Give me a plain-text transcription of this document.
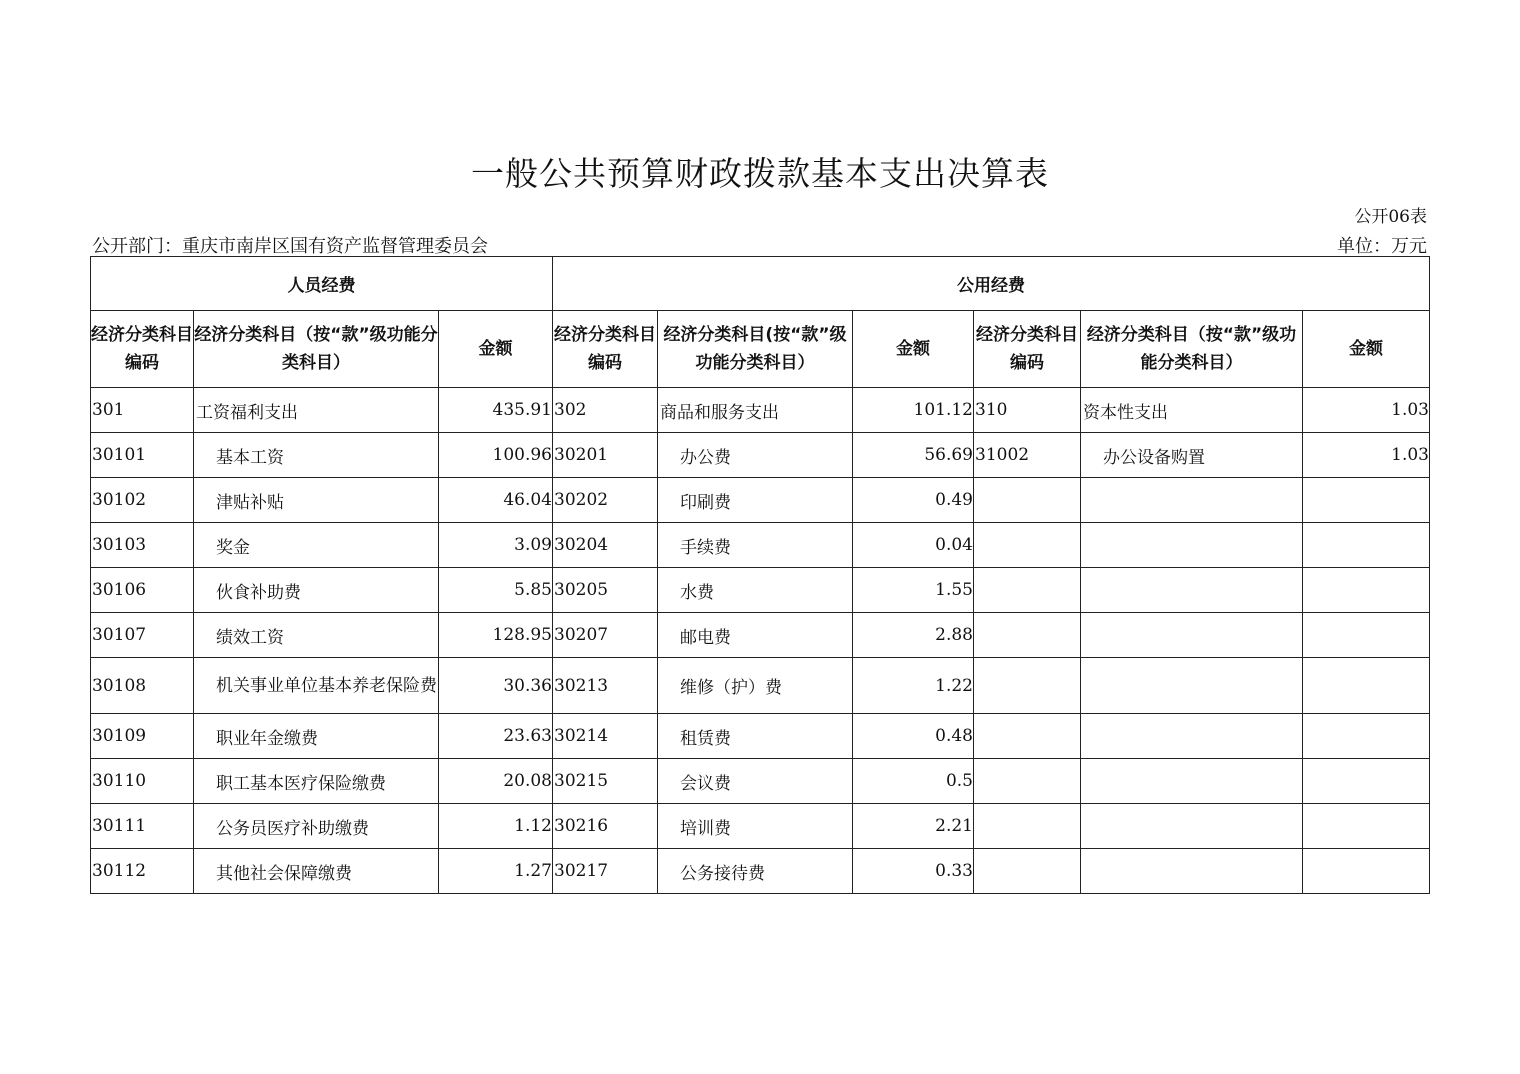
一般公共预算财政拨款基本支出决算表
公开06表
公开部门：重庆市南岸区国有资产监督管理委员会	单位：万元
人员经费			公用经费					
经济分类科目编码	经济分类科目（按“款”级功能分类科目）	金额	经济分类科目编码	经济分类科目(按“款”级功能分类科目）	金额	经济分类科目编码	经济分类科目（按“款”级功能分类科目）	金额
301	工资福利支出	435.91	302	商品和服务支出	101.12	310	资本性支出	1.03
30101	基本工资	100.96	30201	办公费	56.69	31002	办公设备购置	1.03
30102	津贴补贴	46.04	30202	印刷费	0.49			
30103	奖金	3.09	30204	手续费	0.04			
30106	伙食补助费	5.85	30205	水费	1.55			
30107	绩效工资	128.95	30207	邮电费	2.88			
30108	机关事业单位基本养老保险费	30.36	30213	维修（护）费	1.22			
30109	职业年金缴费	23.63	30214	租赁费	0.48			
30110	职工基本医疗保险缴费	20.08	30215	会议费	0.5			
30111	公务员医疗补助缴费	1.12	30216	培训费	2.21			
30112	其他社会保障缴费	1.27	30217	公务接待费	0.33			
